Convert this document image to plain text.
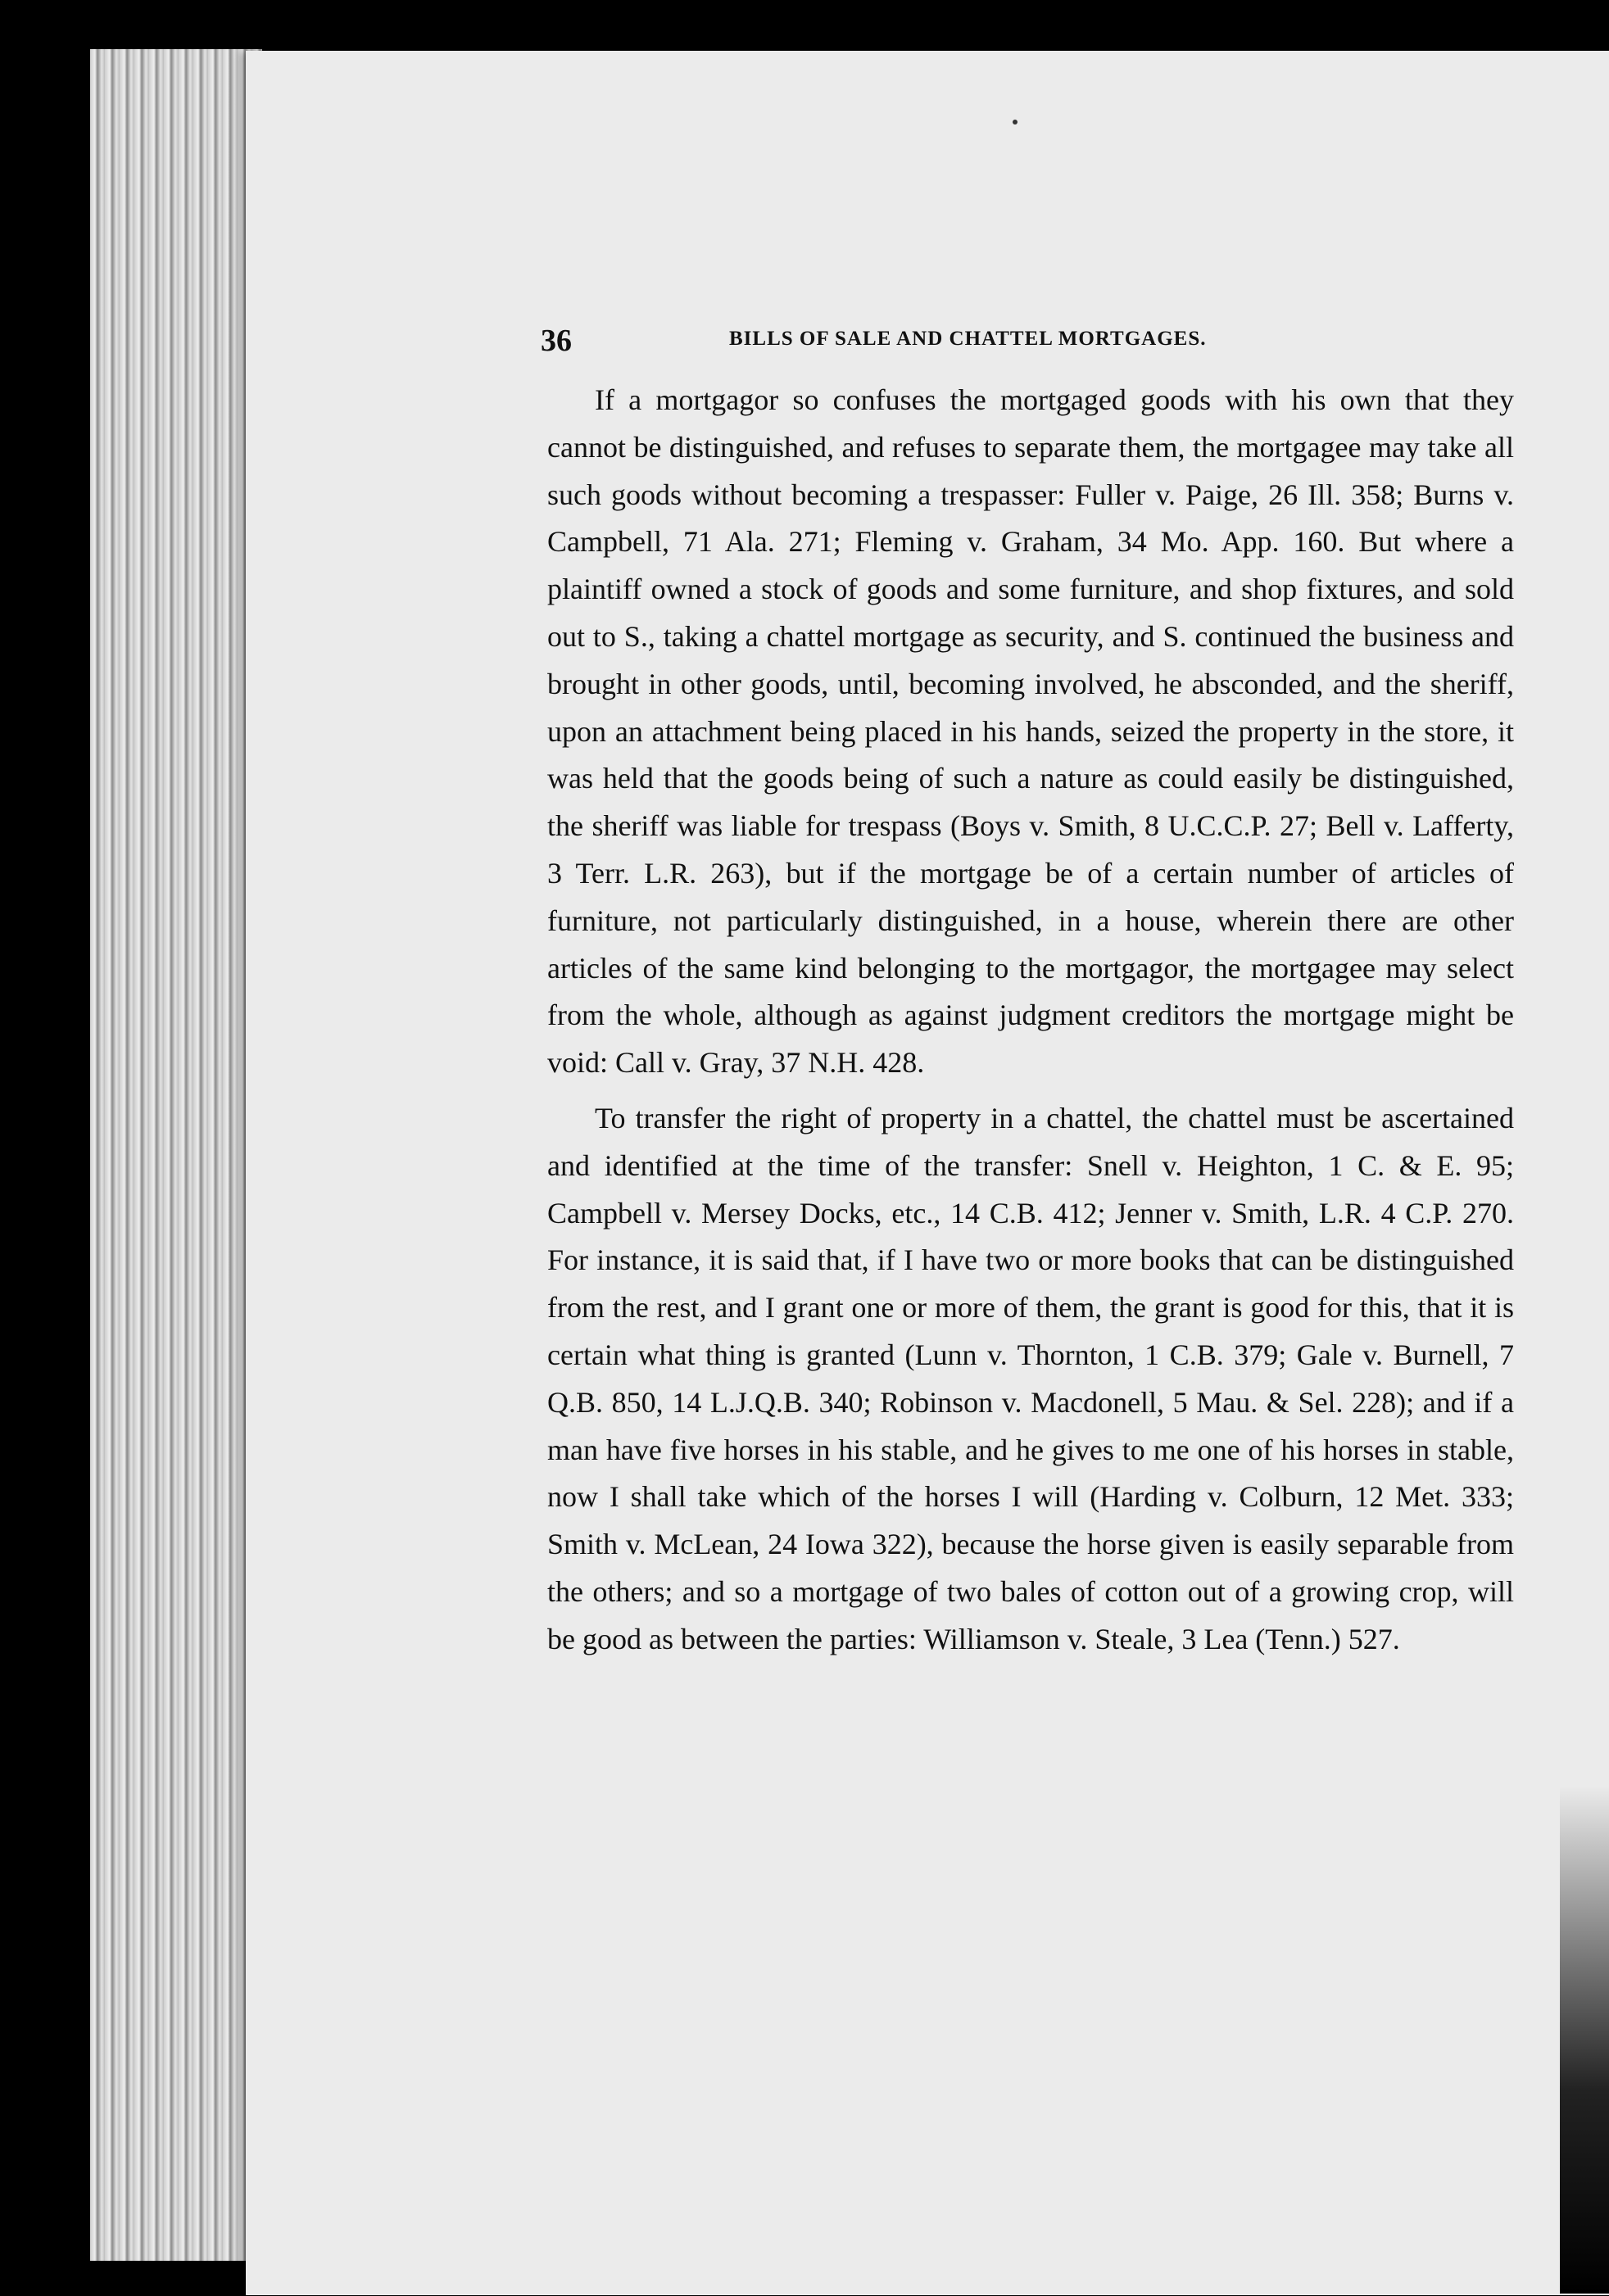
36	BILLS OF SALE AND CHATTEL MORTGAGES.

If a mortgagor so confuses the mortgaged goods with his own that they cannot be distinguished, and refuses to separate them, the mortgagee may take all such goods without becoming a trespasser: Fuller v. Paige, 26 Ill. 358; Burns v. Campbell, 71 Ala. 271; Fleming v. Graham, 34 Mo. App. 160. But where a plaintiff owned a stock of goods and some furniture, and shop fixtures, and sold out to S., taking a chattel mortgage as security, and S. continued the business and brought in other goods, until, becoming involved, he absconded, and the sheriff, upon an attachment being placed in his hands, seized the property in the store, it was held that the goods being of such a nature as could easily be distinguished, the sheriff was liable for trespass (Boys v. Smith, 8 U.C.C.P. 27; Bell v. Lafferty, 3 Terr. L.R. 263), but if the mortgage be of a certain number of articles of furniture, not particularly distinguished, in a house, wherein there are other articles of the same kind belonging to the mortgagor, the mortgagee may select from the whole, although as against judgment creditors the mortgage might be void: Call v. Gray, 37 N.H. 428.

To transfer the right of property in a chattel, the chattel must be ascertained and identified at the time of the transfer: Snell v. Heighton, 1 C. & E. 95; Campbell v. Mersey Docks, etc., 14 C.B. 412; Jenner v. Smith, L.R. 4 C.P. 270. For instance, it is said that, if I have two or more books that can be distinguished from the rest, and I grant one or more of them, the grant is good for this, that it is certain what thing is granted (Lunn v. Thornton, 1 C.B. 379; Gale v. Burnell, 7 Q.B. 850, 14 L.J.Q.B. 340; Robinson v. Macdonell, 5 Mau. & Sel. 228); and if a man have five horses in his stable, and he gives to me one of his horses in stable, now I shall take which of the horses I will (Harding v. Colburn, 12 Met. 333; Smith v. McLean, 24 Iowa 322), because the horse given is easily separable from the others; and so a mortgage of two bales of cotton out of a growing crop, will be good as between the parties: Williamson v. Steale, 3 Lea (Tenn.) 527.
